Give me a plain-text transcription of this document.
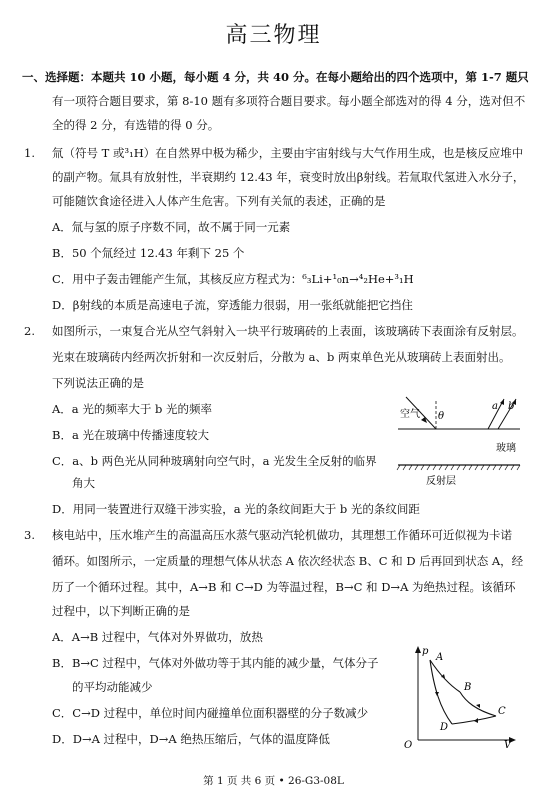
高三物理
一、选择题：本题共 10 小题，每小题 4 分，共 40 分。在每小题给出的四个选项中，第 1-7 题只
有一项符合题目要求，第 8-10 题有多项符合题目要求。每小题全部选对的得 4 分，选对但不
全的得 2 分，有选错的得 0 分。
1. 氚（符号 T 或³₁H）在自然界中极为稀少，主要由宇宙射线与大气作用生成，也是核反应堆中
的副产物。氚具有放射性，半衰期约 12.43 年，衰变时放出β射线。若氚取代氢进入水分子，
可能随饮食途径进入人体产生危害。下列有关氚的表述，正确的是
A．氚与氢的原子序数不同，故不属于同一元素
B．50 个氚经过 12.43 年剩下 25 个
C．用中子轰击锂能产生氚，其核反应方程式为：⁶₃Li+¹₀n→⁴₂He+³₁H
D．β射线的本质是高速电子流，穿透能力很弱，用一张纸就能把它挡住
2. 如图所示，一束复合光从空气斜射入一块平行玻璃砖的上表面，该玻璃砖下表面涂有反射层。
光束在玻璃砖内经两次折射和一次反射后，分散为 a、b 两束单色光从玻璃砖上表面射出。
下列说法正确的是
A．a 光的频率大于 b 光的频率
B．a 光在玻璃中传播速度较大
C．a、b 两色光从同种玻璃射向空气时，a 光发生全反射的临界
角大
D．用同一装置进行双缝干涉实验，a 光的条纹间距大于 b 光的条纹间距
空气 θ
a b
玻璃
反射层
3. 核电站中，压水堆产生的高温高压水蒸气驱动汽轮机做功，其理想工作循环可近似视为卡诺
循环。如图所示，一定质量的理想气体从状态 A 依次经状态 B、C 和 D 后再回到状态 A，经
历了一个循环过程。其中，A→B 和 C→D 为等温过程，B→C 和 D→A 为绝热过程。该循环
过程中，以下判断正确的是
A．A→B 过程中，气体对外界做功，放热
B．B→C 过程中，气体对外做功等于其内能的减少量，气体分子
的平均动能减少
C．C→D 过程中，单位时间内碰撞单位面积器壁的分子数减少
D．D→A 过程中，D→A 绝热压缩后，气体的温度降低
p
V
O
A
B
C
D
第 1 页 共 6 页 • 26-G3-08L
